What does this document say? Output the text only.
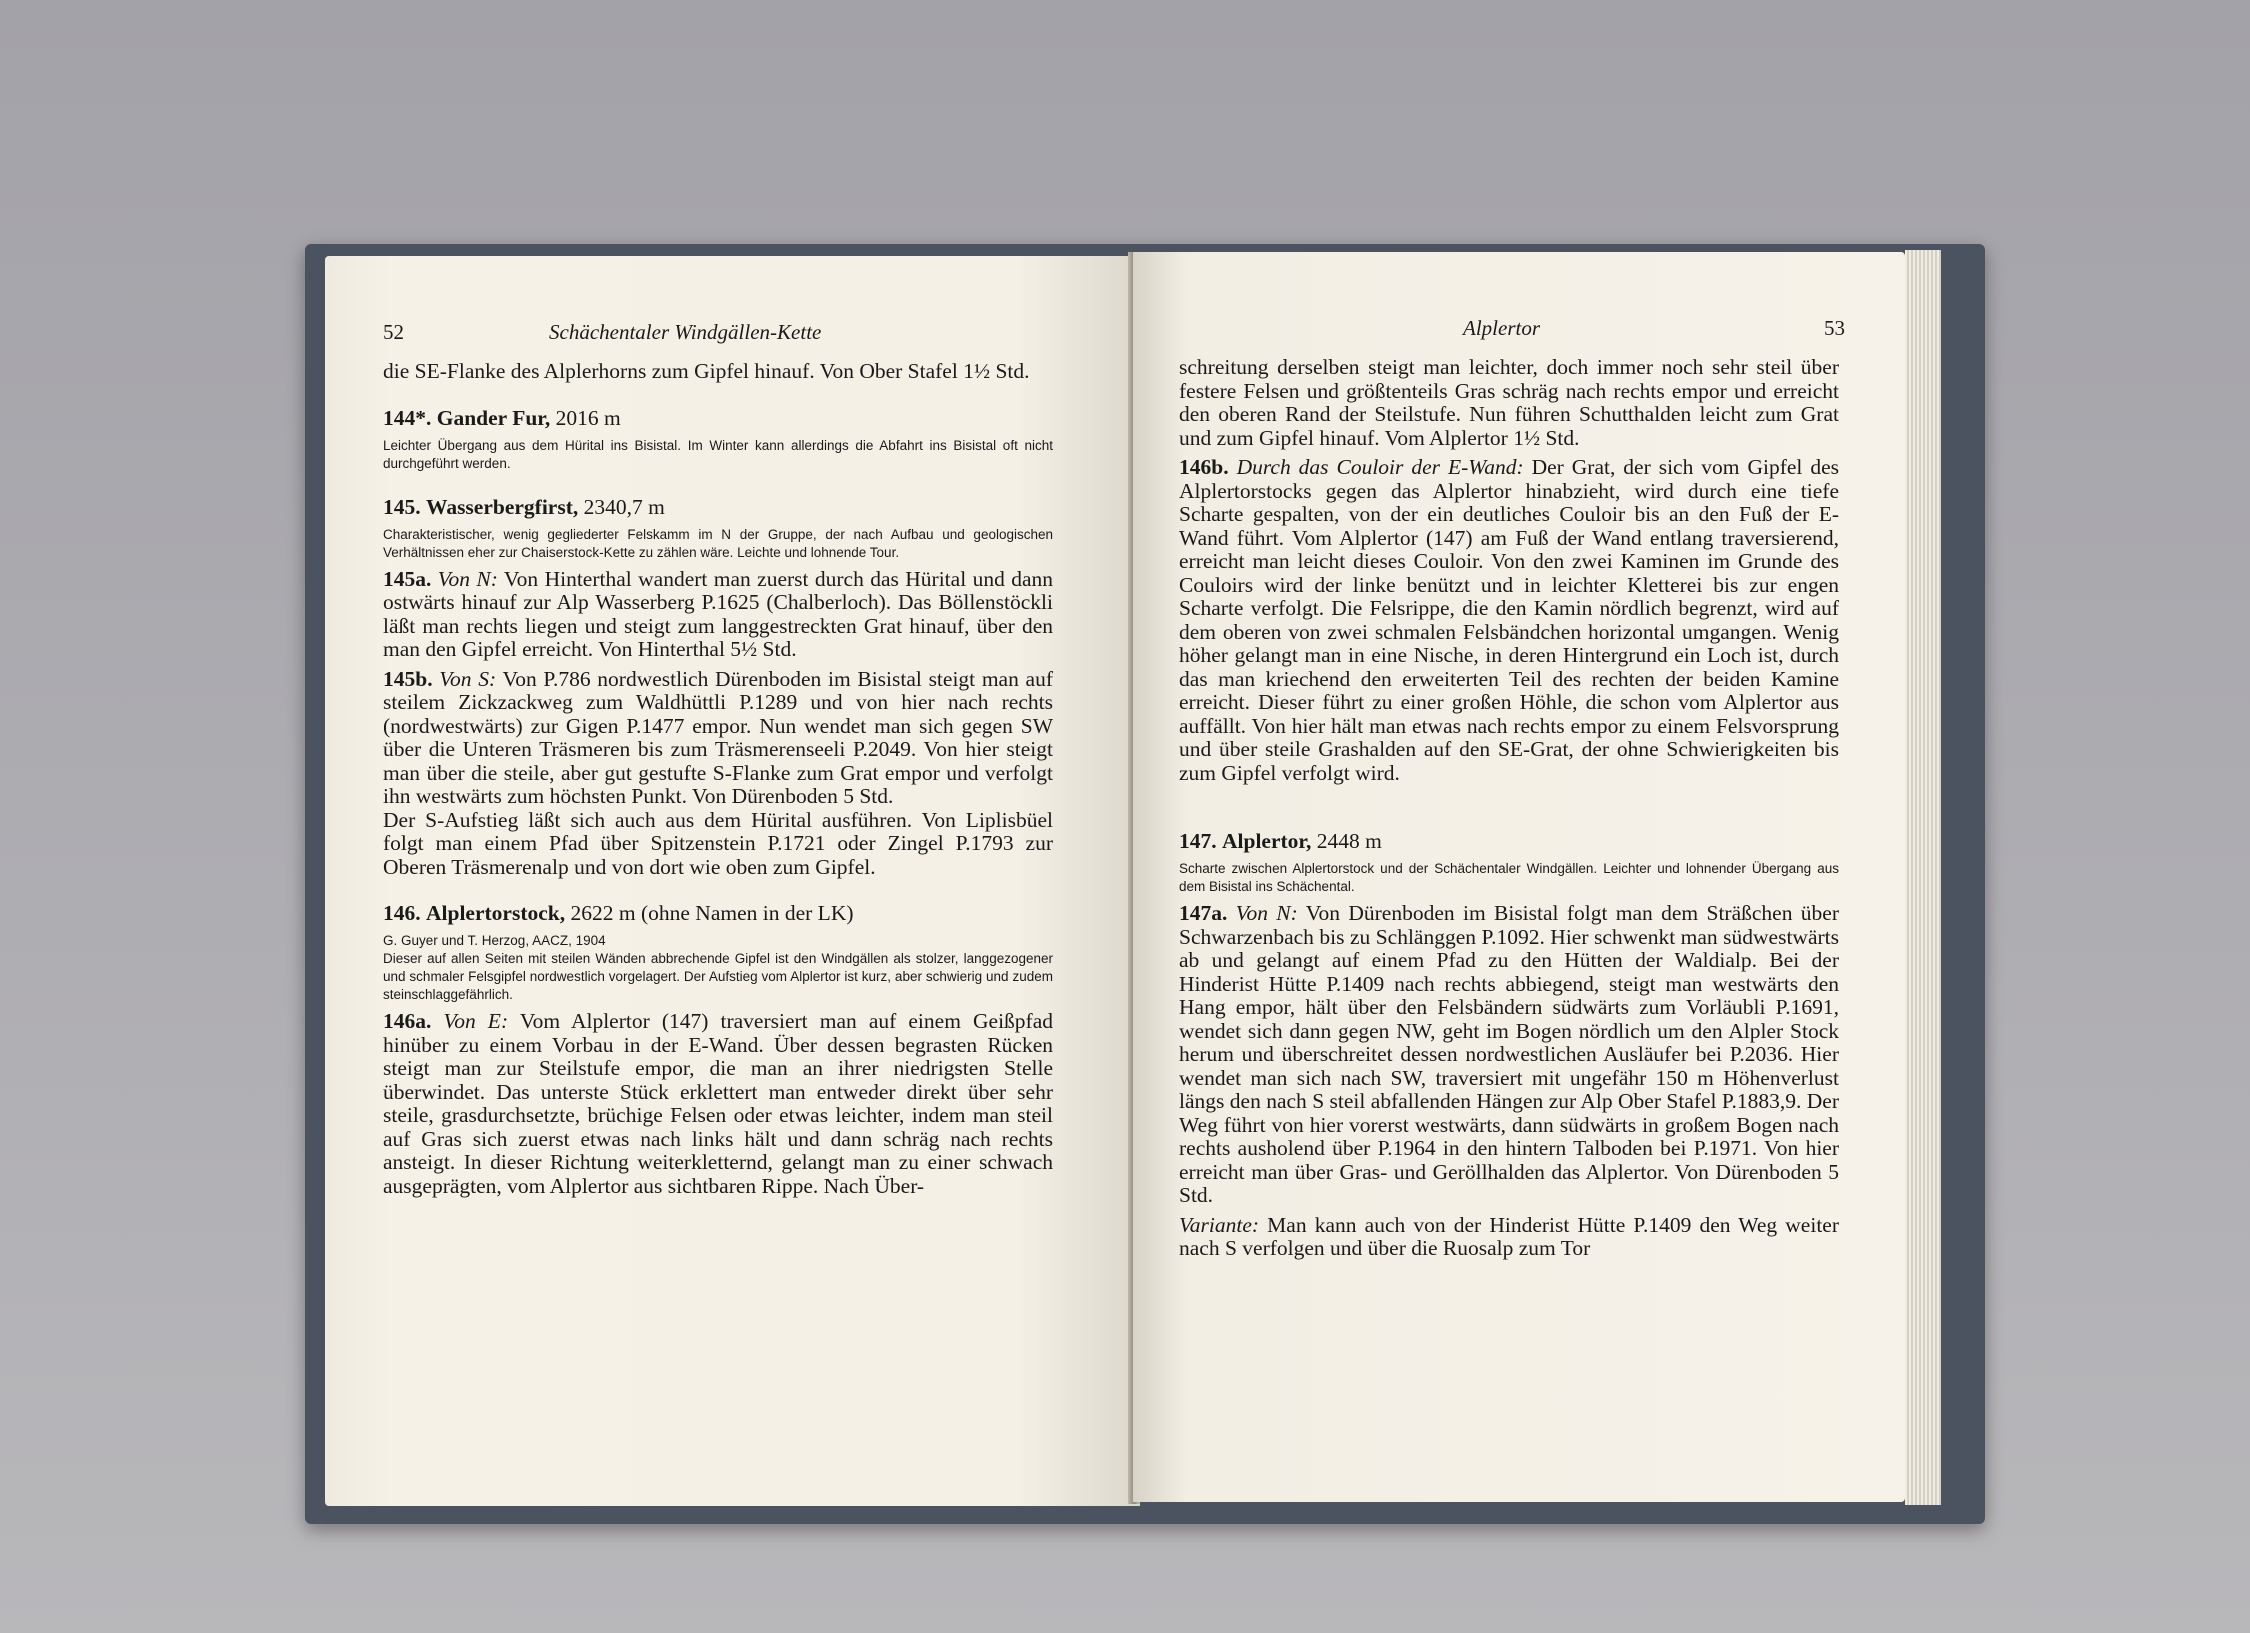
52	Schächentaler Windgällen-Kette

die SE-Flanke des Alplerhorns zum Gipfel hinauf. Von Ober Stafel 1½ Std.

144*. Gander Fur, 2016 m

Leichter Übergang aus dem Hürital ins Bisistal. Im Winter kann allerdings die Abfahrt ins Bisistal oft nicht durchgeführt werden.

145. Wasserbergfirst, 2340,7 m

Charakteristischer, wenig gegliederter Felskamm im N der Gruppe, der nach Aufbau und geologischen Verhältnissen eher zur Chaiserstock-Kette zu zählen wäre. Leichte und lohnende Tour.

145a. Von N: Von Hinterthal wandert man zuerst durch das Hürital und dann ostwärts hinauf zur Alp Wasserberg P.1625 (Chalberloch). Das Böllenstöckli läßt man rechts liegen und steigt zum langgestreckten Grat hinauf, über den man den Gipfel erreicht. Von Hinterthal 5½ Std.

145b. Von S: Von P.786 nordwestlich Dürenboden im Bisistal steigt man auf steilem Zickzackweg zum Waldhüttli P.1289 und von hier nach rechts (nordwestwärts) zur Gigen P.1477 empor. Nun wendet man sich gegen SW über die Unteren Träsmeren bis zum Träsmerenseeli P.2049. Von hier steigt man über die steile, aber gut gestufte S-Flanke zum Grat empor und verfolgt ihn westwärts zum höchsten Punkt. Von Dürenboden 5 Std.

Der S-Aufstieg läßt sich auch aus dem Hürital ausführen. Von Liplisbüel folgt man einem Pfad über Spitzenstein P.1721 oder Zingel P.1793 zur Oberen Träsmerenalp und von dort wie oben zum Gipfel.

146. Alplertorstock, 2622 m (ohne Namen in der LK)

G. Guyer und T. Herzog, AACZ, 1904

Dieser auf allen Seiten mit steilen Wänden abbrechende Gipfel ist den Windgällen als stolzer, langgezogener und schmaler Felsgipfel nordwestlich vorgelagert. Der Aufstieg vom Alplertor ist kurz, aber schwierig und zudem steinschlaggefährlich.

146a. Von E: Vom Alplertor (147) traversiert man auf einem Geißpfad hinüber zu einem Vorbau in der E-Wand. Über dessen begrasten Rücken steigt man zur Steilstufe empor, die man an ihrer niedrigsten Stelle überwindet. Das unterste Stück erklettert man entweder direkt über sehr steile, grasdurchsetzte, brüchige Felsen oder etwas leichter, indem man steil auf Gras sich zuerst etwas nach links hält und dann schräg nach rechts ansteigt. In dieser Richtung weiterkletternd, gelangt man zu einer schwach ausgeprägten, vom Alplertor aus sichtbaren Rippe. Nach Über-

Alplertor	53

schreitung derselben steigt man leichter, doch immer noch sehr steil über festere Felsen und größtenteils Gras schräg nach rechts empor und erreicht den oberen Rand der Steilstufe. Nun führen Schutthalden leicht zum Grat und zum Gipfel hinauf. Vom Alplertor 1½ Std.

146b. Durch das Couloir der E-Wand: Der Grat, der sich vom Gipfel des Alplertorstocks gegen das Alplertor hinabzieht, wird durch eine tiefe Scharte gespalten, von der ein deutliches Couloir bis an den Fuß der E-Wand führt. Vom Alplertor (147) am Fuß der Wand entlang traversierend, erreicht man leicht dieses Couloir. Von den zwei Kaminen im Grunde des Couloirs wird der linke benützt und in leichter Kletterei bis zur engen Scharte verfolgt. Die Felsrippe, die den Kamin nördlich begrenzt, wird auf dem oberen von zwei schmalen Felsbändchen horizontal umgangen. Wenig höher gelangt man in eine Nische, in deren Hintergrund ein Loch ist, durch das man kriechend den erweiterten Teil des rechten der beiden Kamine erreicht. Dieser führt zu einer großen Höhle, die schon vom Alplertor aus auffällt. Von hier hält man etwas nach rechts empor zu einem Felsvorsprung und über steile Grashalden auf den SE-Grat, der ohne Schwierigkeiten bis zum Gipfel verfolgt wird.

147. Alplertor, 2448 m

Scharte zwischen Alplertorstock und der Schächentaler Windgällen. Leichter und lohnender Übergang aus dem Bisistal ins Schächental.

147a. Von N: Von Dürenboden im Bisistal folgt man dem Sträßchen über Schwarzenbach bis zu Schlänggen P.1092. Hier schwenkt man südwestwärts ab und gelangt auf einem Pfad zu den Hütten der Waldialp. Bei der Hinderist Hütte P.1409 nach rechts abbiegend, steigt man westwärts den Hang empor, hält über den Felsbändern südwärts zum Vorläubli P.1691, wendet sich dann gegen NW, geht im Bogen nördlich um den Alpler Stock herum und überschreitet dessen nordwestlichen Ausläufer bei P.2036. Hier wendet man sich nach SW, traversiert mit ungefähr 150 m Höhenverlust längs den nach S steil abfallenden Hängen zur Alp Ober Stafel P.1883,9. Der Weg führt von hier vorerst westwärts, dann südwärts in großem Bogen nach rechts ausholend über P.1964 in den hintern Talboden bei P.1971. Von hier erreicht man über Gras- und Geröllhalden das Alplertor. Von Dürenboden 5 Std.

Variante: Man kann auch von der Hinderist Hütte P.1409 den Weg weiter nach S verfolgen und über die Ruosalp zum Tor
